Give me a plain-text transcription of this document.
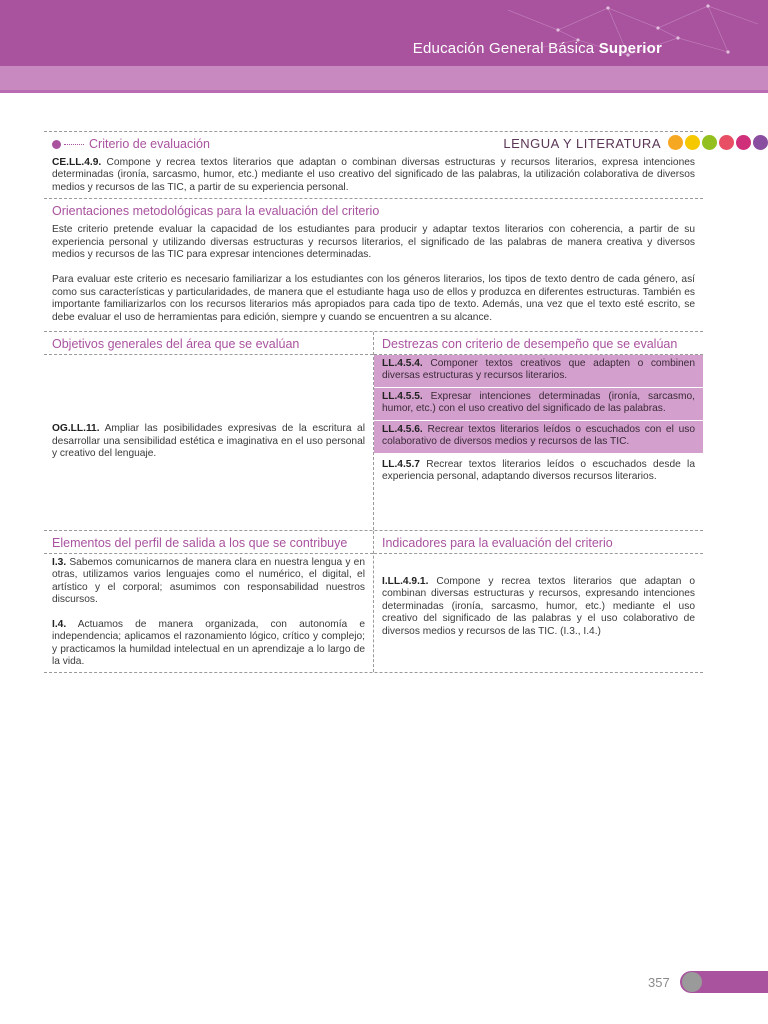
Educación General Básica Superior
LENGUA Y LITERATURA
Criterio de evaluación
CE.LL.4.9. Compone y recrea textos literarios que adaptan o combinan diversas estructuras y recursos literarios, expresa intenciones determinadas (ironía, sarcasmo, humor, etc.) mediante el uso creativo del significado de las palabras, la utilización colaborativa de diversos medios y recursos de las TIC, a partir de su experiencia personal.
Orientaciones metodológicas para la evaluación del criterio
Este criterio pretende evaluar la capacidad de los estudiantes para producir y adaptar textos literarios con coherencia, a partir de su experiencia personal y utilizando diversas estructuras y recursos literarios, el significado de las palabras de manera creativa y diversos medios y recursos de las TIC para expresar intenciones determinadas.
Para evaluar este criterio es necesario familiarizar a los estudiantes con los géneros literarios, los tipos de texto dentro de cada género, así como sus características y particularidades, de manera que el estudiante haga uso de ellos y produzca en diferentes estructuras. También es importante familiarizarlos con los recursos literarios más apropiados para cada tipo de texto. Además, una vez que el texto esté escrito, se debe evaluar el uso de herramientas para edición, siempre y cuando se encuentren a su alcance.
Objetivos generales del área que se evalúan
OG.LL.11. Ampliar las posibilidades expresivas de la escritura al desarrollar una sensibilidad estética e imaginativa en el uso personal y creativo del lenguaje.
Destrezas con criterio de desempeño que se evalúan
LL.4.5.4. Componer textos creativos que adapten o combinen diversas estructuras y recursos literarios.
LL.4.5.5. Expresar intenciones determinadas (ironía, sarcasmo, humor, etc.) con el uso creativo del significado de las palabras.
LL.4.5.6. Recrear textos literarios leídos o escuchados con el uso colaborativo de diversos medios y recursos de las TIC.
LL.4.5.7 Recrear textos literarios leídos o escuchados desde la experiencia personal, adaptando diversos recursos literarios.
Elementos del perfil de salida a los que se contribuye
I.3. Sabemos comunicarnos de manera clara en nuestra lengua y en otras, utilizamos varios lenguajes como el numérico, el digital, el artístico y el corporal; asumimos con responsabilidad nuestros discursos.
I.4. Actuamos de manera organizada, con autonomía e independencia; aplicamos el razonamiento lógico, crítico y complejo; y practicamos la humildad intelectual en un aprendizaje a lo largo de la vida.
Indicadores para la evaluación del criterio
I.LL.4.9.1. Compone y recrea textos literarios que adaptan o combinan diversas estructuras y recursos, expresando intenciones determinadas (ironía, sarcasmo, humor, etc.) mediante el uso creativo del significado de las palabras y el uso colaborativo de diversos medios y recursos de las TIC. (I.3., I.4.)
357
